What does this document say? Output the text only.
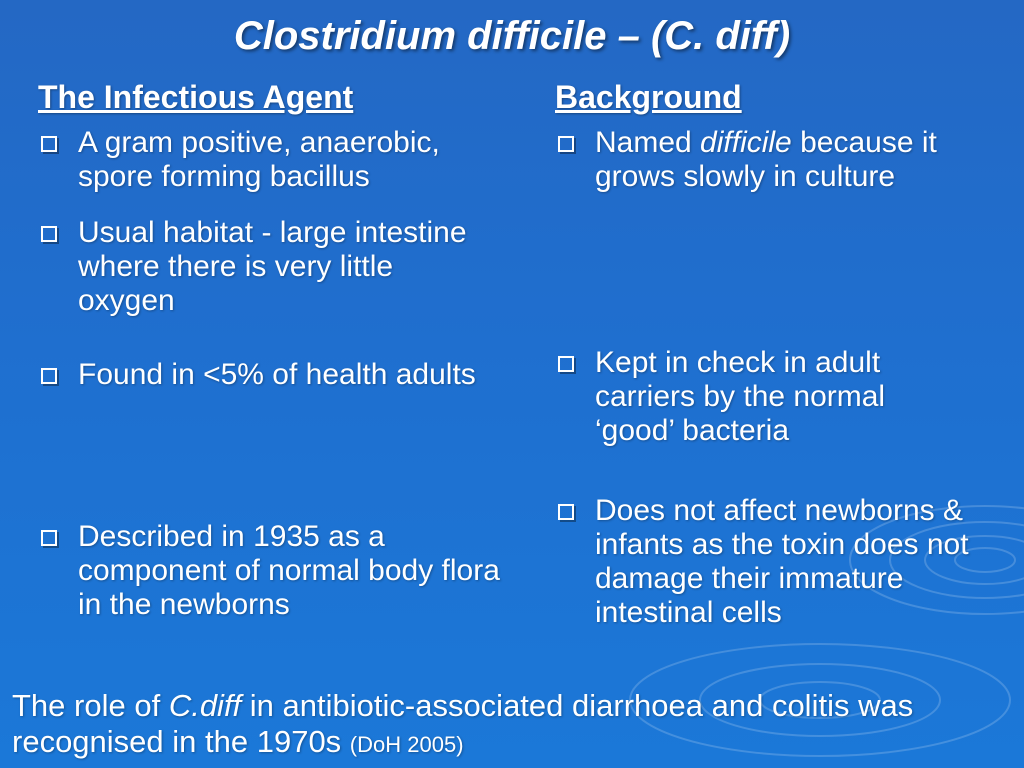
Clostridium difficile – (C. diff)
The Infectious Agent
A gram positive, anaerobic, spore forming bacillus
Usual habitat - large intestine where there is very little oxygen
Found in <5% of health adults
Described in 1935 as a component of normal body flora in the newborns
Background
Named difficile because it grows slowly in culture
Kept in check in adult carriers by the normal ‘good’ bacteria
Does not affect newborns & infants as the toxin does not damage their immature intestinal cells
The role of C.diff in antibiotic-associated diarrhoea and colitis was recognised in the 1970s (DoH 2005)
